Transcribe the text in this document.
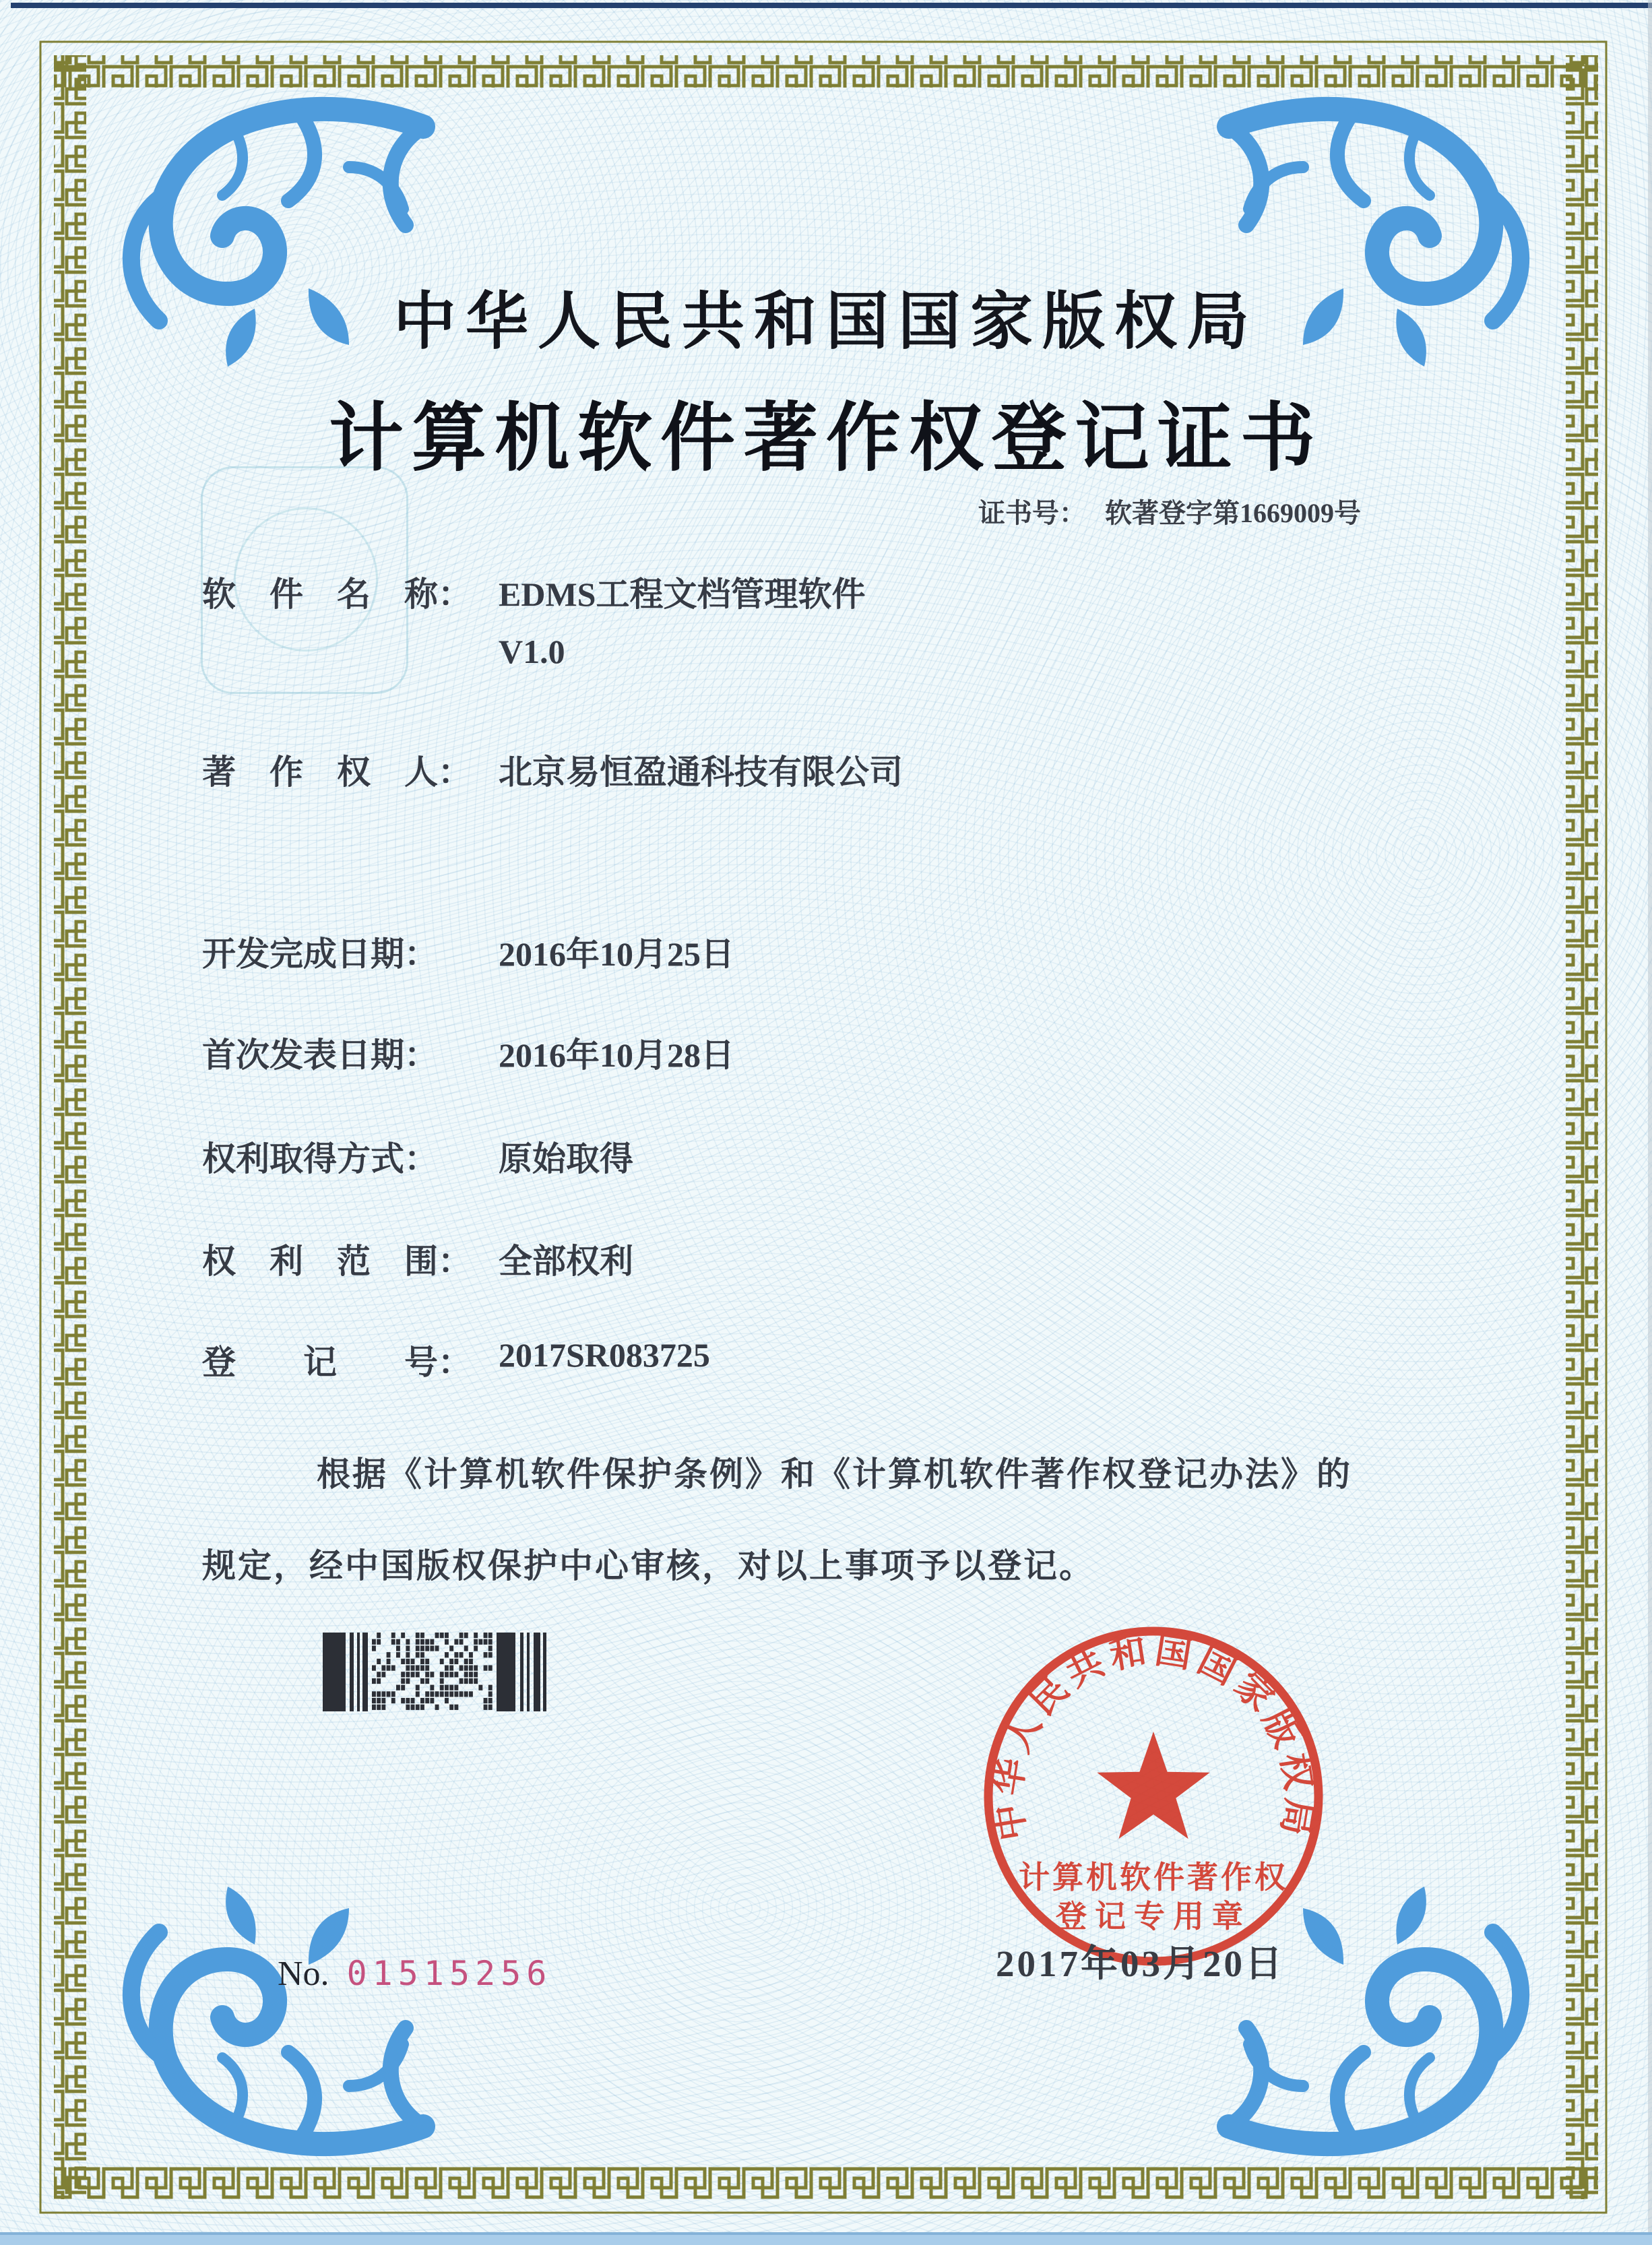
中华人民共和国国家版权局
计算机软件著作权登记证书
证书号： 软著登字第1669009号
软　件　名　称： EDMS工程文档管理软件
V1.0
著　作　权　人： 北京易恒盈通科技有限公司
开发完成日期： 2016年10月25日
首次发表日期： 2016年10月28日
权利取得方式： 原始取得
权　利　范　围： 全部权利
登　　记　　号： 2017SR083725
根据《计算机软件保护条例》和《计算机软件著作权登记办法》的
规定，经中国版权保护中心审核，对以上事项予以登记。
中华人民共和国国家版权局
计算机软件著作权
登记专用章
2017年03月20日
No. 01515256
